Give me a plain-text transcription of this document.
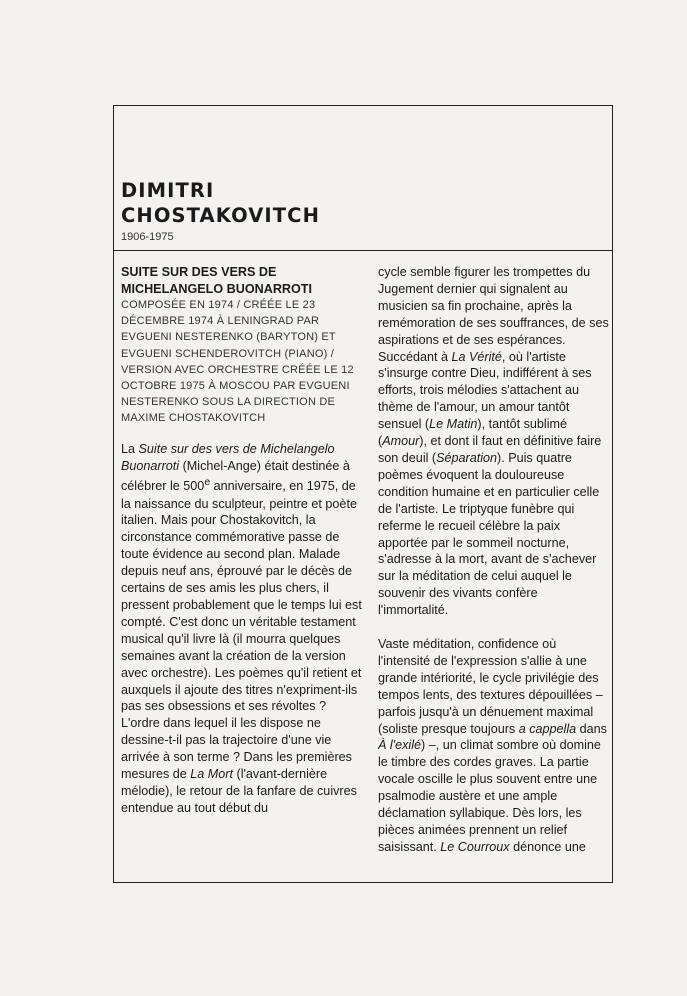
DIMITRI
CHOSTAKOVITCH

1906-1975

SUITE SUR DES VERS DE
MICHELANGELO BUONARROTI

COMPOSÉE EN 1974 / CRÉÉE LE 23 DÉCEMBRE 1974 À LENINGRAD PAR EVGUENI NESTERENKO (BARYTON) ET EVGUENI SCHENDEROVITCH (PIANO) / VERSION AVEC ORCHESTRE CRÉÉE LE 12 OCTOBRE 1975 À MOSCOU PAR EVGUENI NESTERENKO SOUS LA DIRECTION DE MAXIME CHOSTAKOVITCH

La Suite sur des vers de Michelangelo Buonarroti (Michel-Ange) était destinée à célébrer le 500e anniversaire, en 1975, de la naissance du sculpteur, peintre et poète italien. Mais pour Chostakovitch, la circonstance commémorative passe de toute évidence au second plan. Malade depuis neuf ans, éprouvé par le décès de certains de ses amis les plus chers, il pressent probablement que le temps lui est compté. C'est donc un véritable testament musical qu'il livre là (il mourra quelques semaines avant la création de la version avec orchestre). Les poèmes qu'il retient et auxquels il ajoute des titres n'expriment-ils pas ses obsessions et ses révoltes ? L'ordre dans lequel il les dispose ne dessine-t-il pas la trajectoire d'une vie arrivée à son terme ? Dans les premières mesures de La Mort (l'avant-dernière mélodie), le retour de la fanfare de cuivres entendue au tout début du

cycle semble figurer les trompettes du Jugement dernier qui signalent au musicien sa fin prochaine, après la remémoration de ses souffrances, de ses aspirations et de ses espérances. Succédant à La Vérité, où l'artiste s'insurge contre Dieu, indifférent à ses efforts, trois mélodies s'attachent au thème de l'amour, un amour tantôt sensuel (Le Matin), tantôt sublimé (Amour), et dont il faut en définitive faire son deuil (Séparation). Puis quatre poèmes évoquent la douloureuse condition humaine et en particulier celle de l'artiste. Le triptyque funèbre qui referme le recueil célèbre la paix apportée par le sommeil nocturne, s'adresse à la mort, avant de s'achever sur la méditation de celui auquel le souvenir des vivants confère l'immortalité.

Vaste méditation, confidence où l'intensité de l'expression s'allie à une grande intériorité, le cycle privilégie des tempos lents, des textures dépouillées – parfois jusqu'à un dénuement maximal (soliste presque toujours a cappella dans À l'exilé) –, un climat sombre où domine le timbre des cordes graves. La partie vocale oscille le plus souvent entre une psalmodie austère et une ample déclamation syllabique. Dès lors, les pièces animées prennent un relief saisissant. Le Courroux dénonce une
